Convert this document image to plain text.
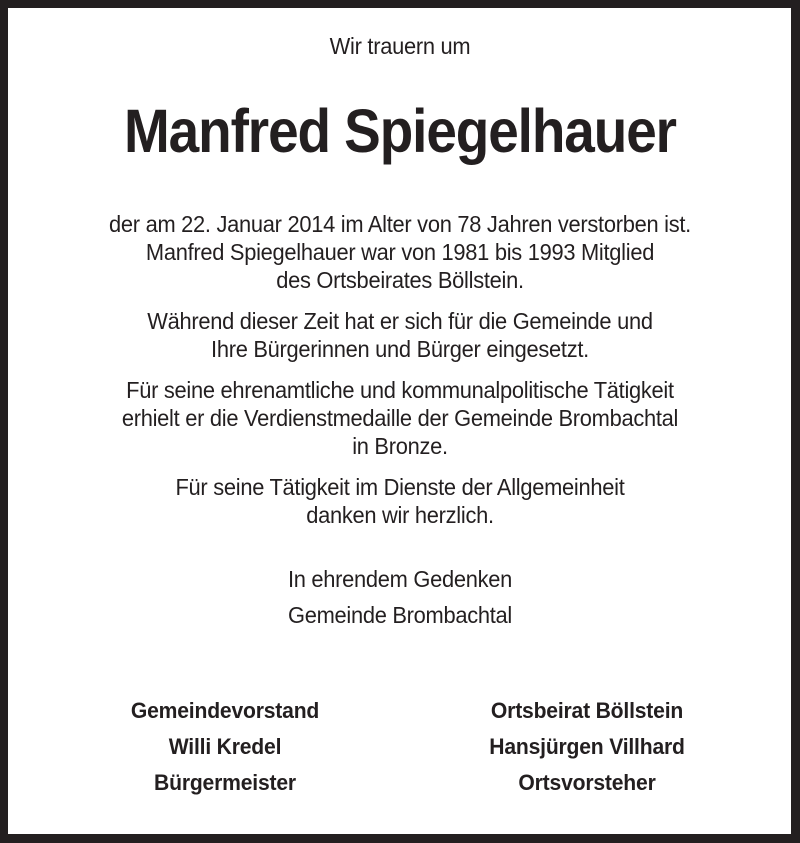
Wir trauern um
Manfred Spiegelhauer
der am 22. Januar 2014 im Alter von 78 Jahren verstorben ist.
Manfred Spiegelhauer war von 1981 bis 1993 Mitglied
des Ortsbeirates Böllstein.
Während dieser Zeit hat er sich für die Gemeinde und
Ihre Bürgerinnen und Bürger eingesetzt.
Für seine ehrenamtliche und kommunalpolitische Tätigkeit
erhielt er die Verdienstmedaille der Gemeinde Brombachtal
in Bronze.
Für seine Tätigkeit im Dienste der Allgemeinheit
danken wir herzlich.
In ehrendem Gedenken
Gemeinde Brombachtal
Gemeindevorstand
Willi Kredel
Bürgermeister
Ortsbeirat Böllstein
Hansjürgen Villhard
Ortsvorsteher
